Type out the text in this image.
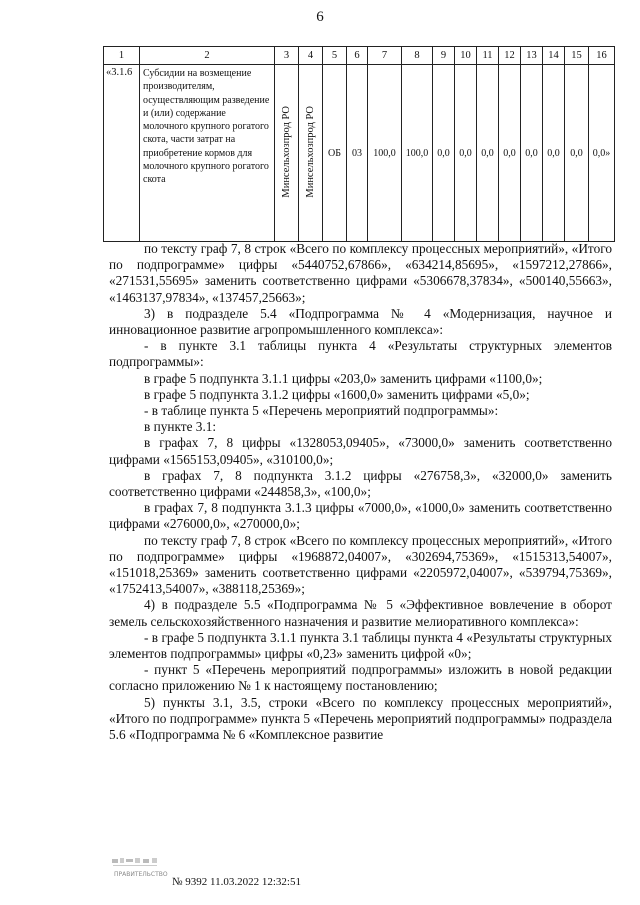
6
1	2	3	4	5	6	7	8	9	10	11	12	13	14	15	16
«3.1.6	Субсидии на возмещение производителям, осуществляющим разведение и (или) содержание молочного крупного рогатого скота, части затрат на приобретение кормов для молочного крупного рогатого скота	Минсельхозпрод РО	Минсельхозпрод РО	ОБ	03	100,0	100,0	0,0	0,0	0,0	0,0	0,0	0,0	0,0	0,0»

по тексту граф 7, 8 строк «Всего по комплексу процессных мероприятий», «Итого по подпрограмме» цифры «5440752,67866», «634214,85695», «1597212,27866», «271531,55695» заменить соответственно цифрами «5306678,37834», «500140,55663», «1463137,97834», «137457,25663»;

3) в подразделе 5.4 «Подпрограмма № 4 «Модернизация, научное и инновационное развитие агропромышленного комплекса»:

- в пункте 3.1 таблицы пункта 4 «Результаты структурных элементов подпрограммы»:

в графе 5 подпункта 3.1.1 цифры «203,0» заменить цифрами «1100,0»;

в графе 5 подпункта 3.1.2 цифры «1600,0» заменить цифрами «5,0»;

- в таблице пункта 5 «Перечень мероприятий подпрограммы»:

в пункте 3.1:

в графах 7, 8 цифры «1328053,09405», «73000,0» заменить соответственно цифрами «1565153,09405», «310100,0»;

в графах 7, 8 подпункта 3.1.2 цифры «276758,3», «32000,0» заменить соответственно цифрами «244858,3», «100,0»;

в графах 7, 8 подпункта 3.1.3 цифры «7000,0», «1000,0» заменить соответственно цифрами «276000,0», «270000,0»;

по тексту граф 7, 8 строк «Всего по комплексу процессных мероприятий», «Итого по подпрограмме» цифры «1968872,04007», «302694,75369», «1515313,54007», «151018,25369» заменить соответственно цифрами «2205972,04007», «539794,75369», «1752413,54007», «388118,25369»;

4) в подразделе 5.5 «Подпрограмма № 5 «Эффективное вовлечение в оборот земель сельскохозяйственного назначения и развитие мелиоративного комплекса»:

- в графе 5 подпункта 3.1.1 пункта 3.1 таблицы пункта 4 «Результаты структурных элементов подпрограммы» цифры «0,23» заменить цифрой «0»;

- пункт 5 «Перечень мероприятий подпрограммы» изложить в новой редакции согласно приложению № 1 к настоящему постановлению;

5) пункты 3.1, 3.5, строки «Всего по комплексу процессных мероприятий», «Итого по подпрограмме» пункта 5 «Перечень мероприятий подпрограммы» подраздела 5.6 «Подпрограмма № 6 «Комплексное развитие

ПРАВИТЕЛЬСТВО
№ 9392 11.03.2022 12:32:51
